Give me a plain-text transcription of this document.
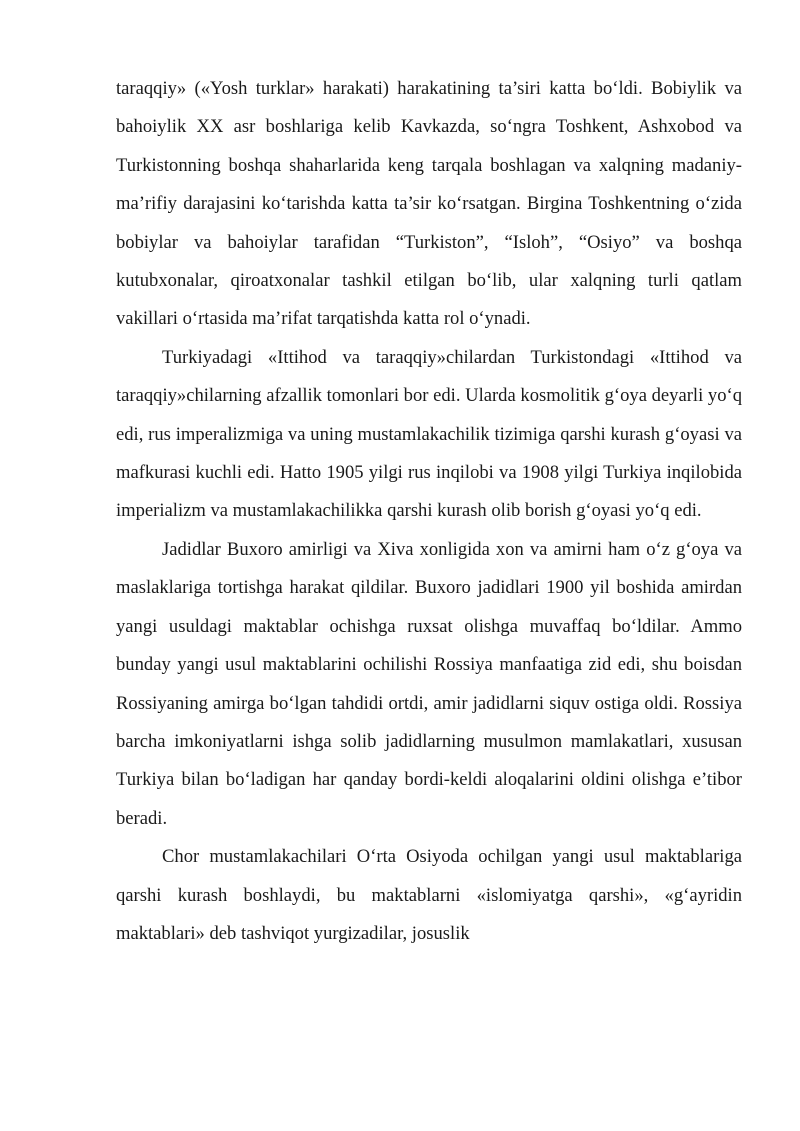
taraqqiy» («Yosh turklar» harakati) harakatining ta’siri katta bo‘ldi. Bobiylik va bahoiylik XX asr boshlariga kelib Kavkazda, so‘ngra Toshkent, Ashxobod va Turkistonning boshqa shaharlarida keng tarqala boshlagan va xalqning madaniy-ma’rifiy darajasini ko‘tarishda katta ta’sir ko‘rsatgan. Birgina Toshkentning o‘zida bobiylar va bahoiylar tarafidan “Turkiston”, “Isloh”, “Osiyo” va boshqa kutubxonalar, qiroatxonalar tashkil etilgan bo‘lib, ular xalqning turli qatlam vakillari o‘rtasida ma’rifat tarqatishda katta rol o‘ynadi.

Turkiyadagi «Ittihod va taraqqiy»chilardan Turkistondagi «Ittihod va taraqqiy»chilarning afzallik tomonlari bor edi. Ularda kosmolitik g‘oya deyarli yo‘q edi, rus imperalizmiga va uning mustamlakachilik tizimiga qarshi kurash g‘oyasi va mafkurasi kuchli edi. Hatto 1905 yilgi rus inqilobi va 1908 yilgi Turkiya inqilobida imperializm va mustamlakachilikka qarshi kurash olib borish g‘oyasi yo‘q edi.

Jadidlar Buxoro amirligi va Xiva xonligida xon va amirni ham o‘z g‘oya va maslaklariga tortishga harakat qildilar. Buxoro jadidlari 1900 yil boshida amirdan yangi usuldagi maktablar ochishga ruxsat olishga muvaffaq bo‘ldilar. Ammo bunday yangi usul maktablarini ochilishi Rossiya manfaatiga zid edi, shu boisdan Rossiyaning amirga bo‘lgan tahdidi ortdi, amir jadidlarni siquv ostiga oldi. Rossiya barcha imkoniyatlarni ishga solib jadidlarning musulmon mamlakatlari, xususan Turkiya bilan bo‘ladigan har qanday bordi-keldi aloqalarini oldini olishga e’tibor beradi.

Chor mustamlakachilari O‘rta Osiyoda ochilgan yangi usul maktablariga qarshi kurash boshlaydi, bu maktablarni «islomiyatga qarshi», «g‘ayridin maktablari» deb tashviqot yurgizadilar, josuslik
